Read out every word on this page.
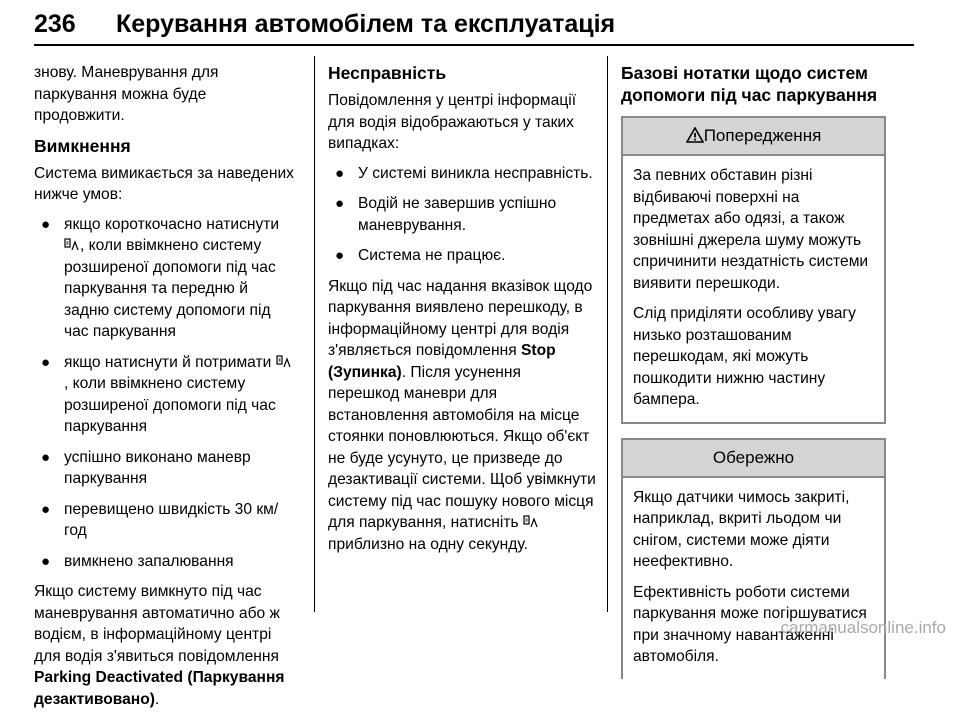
236 Керування автомобілем та експлуатація

знову. Маневрування для паркування можна буде продовжити.

Вимкнення

Система вимикається за наведених нижче умов:

● якщо короткочасно натиснути , коли ввімкнено систему розширеної допомоги під час паркування та передню й задню систему допомоги під час паркування
● якщо натиснути й потримати , коли ввімкнено систему розширеної допомоги під час паркування
● успішно виконано маневр паркування
● перевищено швидкість 30 км/год
● вимкнено запалювання

Якщо систему вимкнуто під час маневрування автоматично або ж водієм, в інформаційному центрі для водія з'явиться повідомлення Parking Deactivated (Паркування дезактивовано).

Несправність

Повідомлення у центрі інформації для водія відображаються у таких випадках:

● У системі виникла несправність.
● Водій не завершив успішно маневрування.
● Система не працює.

Якщо під час надання вказівок щодо паркування виявлено перешкоду, в інформаційному центрі для водія з'являється повідомлення Stop (Зупинка). Після усунення перешкод маневри для встановлення автомобіля на місце стоянки поновлюються. Якщо об'єкт не буде усунуто, це призведе до дезактивації системи. Щоб увімкнути систему під час пошуку нового місця для паркування, натисніть  приблизно на одну секунду.

Базові нотатки щодо систем допомоги під час паркування
Попередження

За певних обставин різні відбиваючі поверхні на предметах або одязі, а також зовнішні джерела шуму можуть спричинити нездатність системи виявити перешкоди.

Слід приділяти особливу увагу низько розташованим перешкодам, які можуть пошкодити нижню частину бампера.

Обережно

Якщо датчики чимось закриті, наприклад, вкриті льодом чи снігом, системи може діяти неефективно.

Ефективність роботи системи паркування може погіршуватися при значному навантаженні автомобіля.

carmanualsonline.info
